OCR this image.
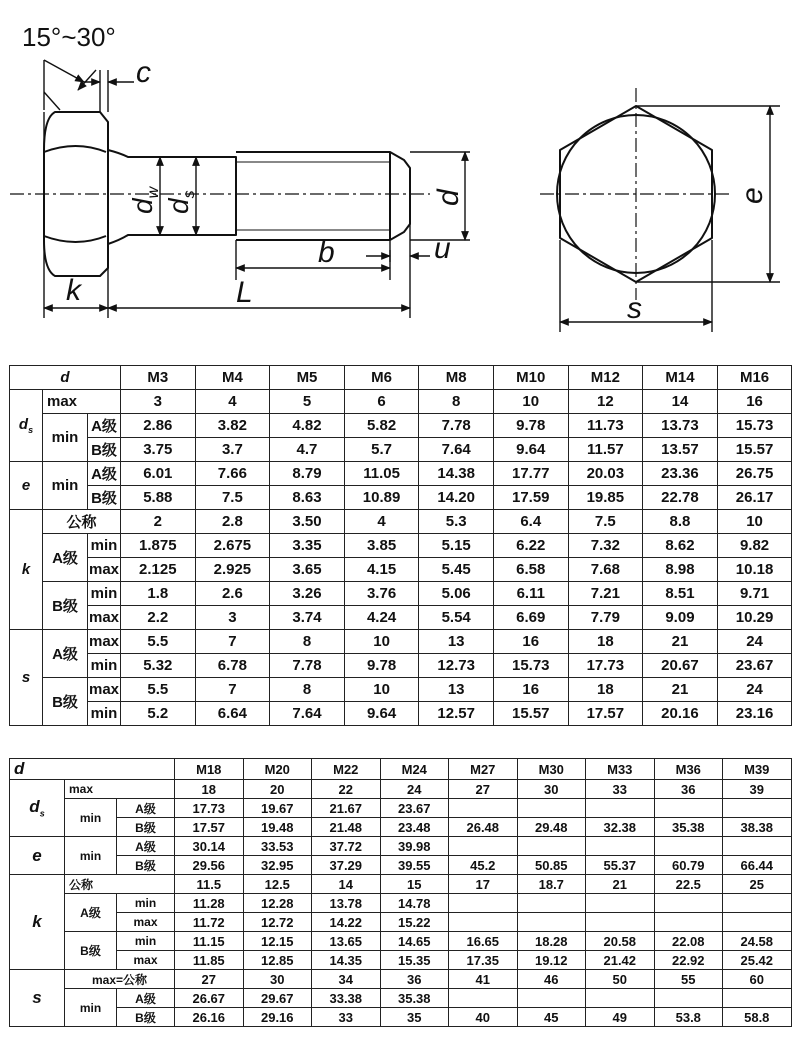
15°~30°
c
$d_w$
$d_s$	d
b	u
k	L
e
s
d			M3	M4	M5	M6	M8	M10	M12	M14	M16
$d_s$	max		3	4	5	6	8	10	12	14	16
	min	A级	2.86	3.82	4.82	5.82	7.78	9.78	11.73	13.73	15.73
		B级	3.75	3.7	4.7	5.7	7.64	9.64	11.57	13.57	15.57
e	min	A级	6.01	7.66	8.79	11.05	14.38	17.77	20.03	23.36	26.75
		B级	5.88	7.5	8.63	10.89	14.20	17.59	19.85	22.78	26.17
k	公称		2	2.8	3.50	4	5.3	6.4	7.5	8.8	10
	A级	min	1.875	2.675	3.35	3.85	5.15	6.22	7.32	8.62	9.82
		max	2.125	2.925	3.65	4.15	5.45	6.58	7.68	8.98	10.18
	B级	min	1.8	2.6	3.26	3.76	5.06	6.11	7.21	8.51	9.71
		max	2.2	3	3.74	4.24	5.54	6.69	7.79	9.09	10.29
s	A级	max	5.5	7	8	10	13	16	18	21	24
		min	5.32	6.78	7.78	9.78	12.73	15.73	17.73	20.67	23.67
	B级	max	5.5	7	8	10	13	16	18	21	24
		min	5.2	6.64	7.64	9.64	12.57	15.57	17.57	20.16	23.16
d			M18	M20	M22	M24	M27	M30	M33	M36	M39
$d_s$	max		18	20	22	24	27	30	33	36	39
	min	A级	17.73	19.67	21.67	23.67					
		B级	17.57	19.48	21.48	23.48	26.48	29.48	32.38	35.38	38.38
e	min	A级	30.14	33.53	37.72	39.98					
		B级	29.56	32.95	37.29	39.55	45.2	50.85	55.37	60.79	66.44
k	公称		11.5	12.5	14	15	17	18.7	21	22.5	25
	A级	min	11.28	12.28	13.78	14.78					
		max	11.72	12.72	14.22	15.22					
	B级	min	11.15	12.15	13.65	14.65	16.65	18.28	20.58	22.08	24.58
		max	11.85	12.85	14.35	15.35	17.35	19.12	21.42	22.92	25.42
s	max=公称		27	30	34	36	41	46	50	55	60
	min	A级	26.67	29.67	33.38	35.38					
		B级	26.16	29.16	33	35	40	45	49	53.8	58.8
